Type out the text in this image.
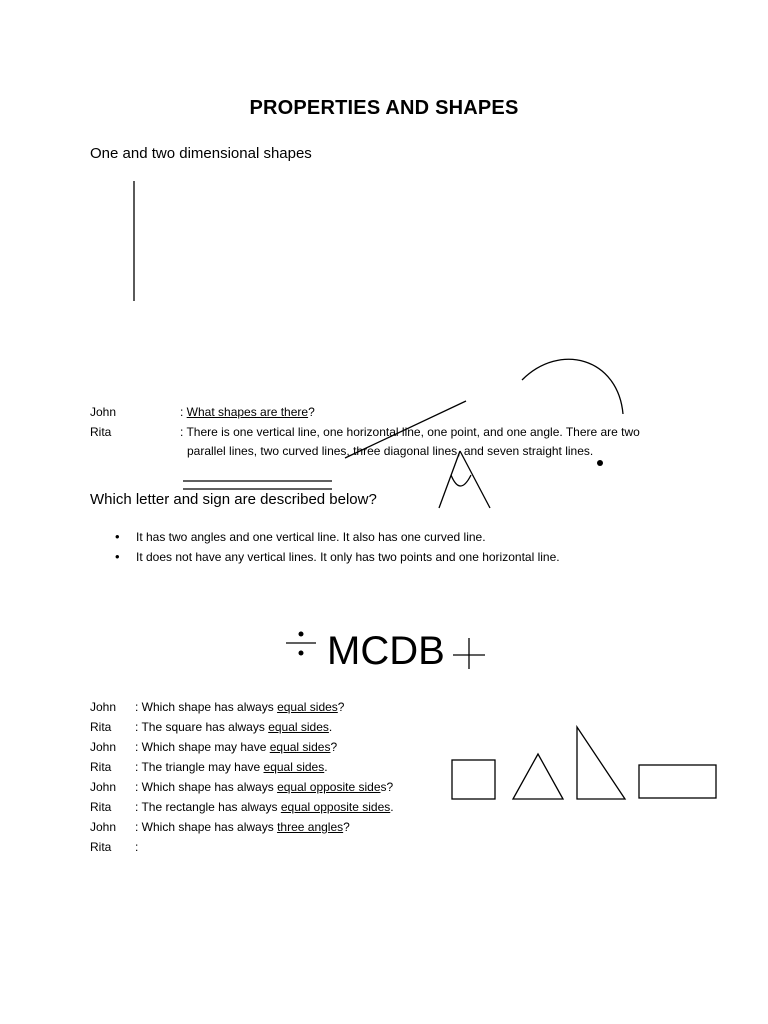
PROPERTIES AND SHAPES
One and two dimensional shapes
John	: What shapes are there?
Rita	: There is one vertical line, one horizontal line, one point, and one angle. There are two
parallel lines, two curved lines, three diagonal lines, and seven straight lines.
Which letter and sign are described below?
• It has two angles and one vertical line. It also has one curved line.
• It does not have any vertical lines. It only has two points and one horizontal line.
MCDB
John : Which shape has always equal sides?
Rita : The square has always equal sides.
John : Which shape may have equal sides?
Rita : The triangle may have equal sides.
John : Which shape has always equal opposite sides?
Rita : The rectangle has always equal opposite sides.
John : Which shape has always three angles?
Rita :
